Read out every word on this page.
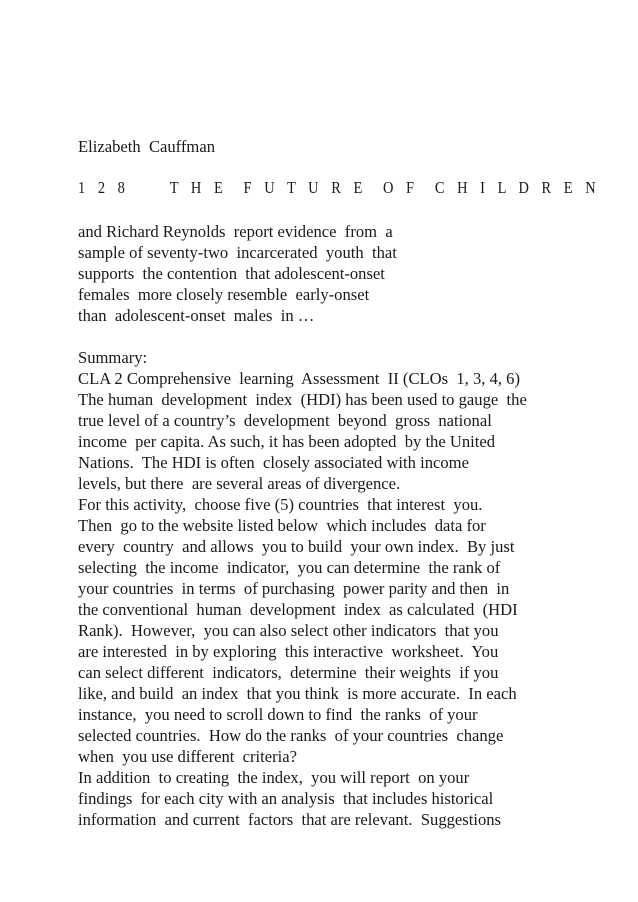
Elizabeth  Cauffman
1 2 8     T H E  F U T U R E  O F  C H I L D R E N
and Richard Reynolds  report evidence  from  a
sample of seventy-two  incarcerated  youth  that
supports  the contention  that adolescent-onset
females  more closely resemble  early-onset
than  adolescent-onset  males  in …
Summary:
CLA 2 Comprehensive  learning  Assessment  II (CLOs  1, 3, 4, 6)
The human  development  index  (HDI) has been used to gauge  the
true level of a country’s  development  beyond  gross  national
income  per capita. As such, it has been adopted  by the United
Nations.  The HDI is often  closely associated with income
levels, but there  are several areas of divergence.
For this activity,  choose five (5) countries  that interest  you.
Then  go to the website listed below  which includes  data for
every  country  and allows  you to build  your own index.  By just
selecting  the income  indicator,  you can determine  the rank of
your countries  in terms  of purchasing  power parity and then  in
the conventional  human  development  index  as calculated  (HDI
Rank).  However,  you can also select other indicators  that you
are interested  in by exploring  this interactive  worksheet.  You
can select different  indicators,  determine  their weights  if you
like, and build  an index  that you think  is more accurate.  In each
instance,  you need to scroll down to find  the ranks  of your
selected countries.  How do the ranks  of your countries  change
when  you use different  criteria?
In addition  to creating  the index,  you will report  on your
findings  for each city with an analysis  that includes historical
information  and current  factors  that are relevant.  Suggestions
